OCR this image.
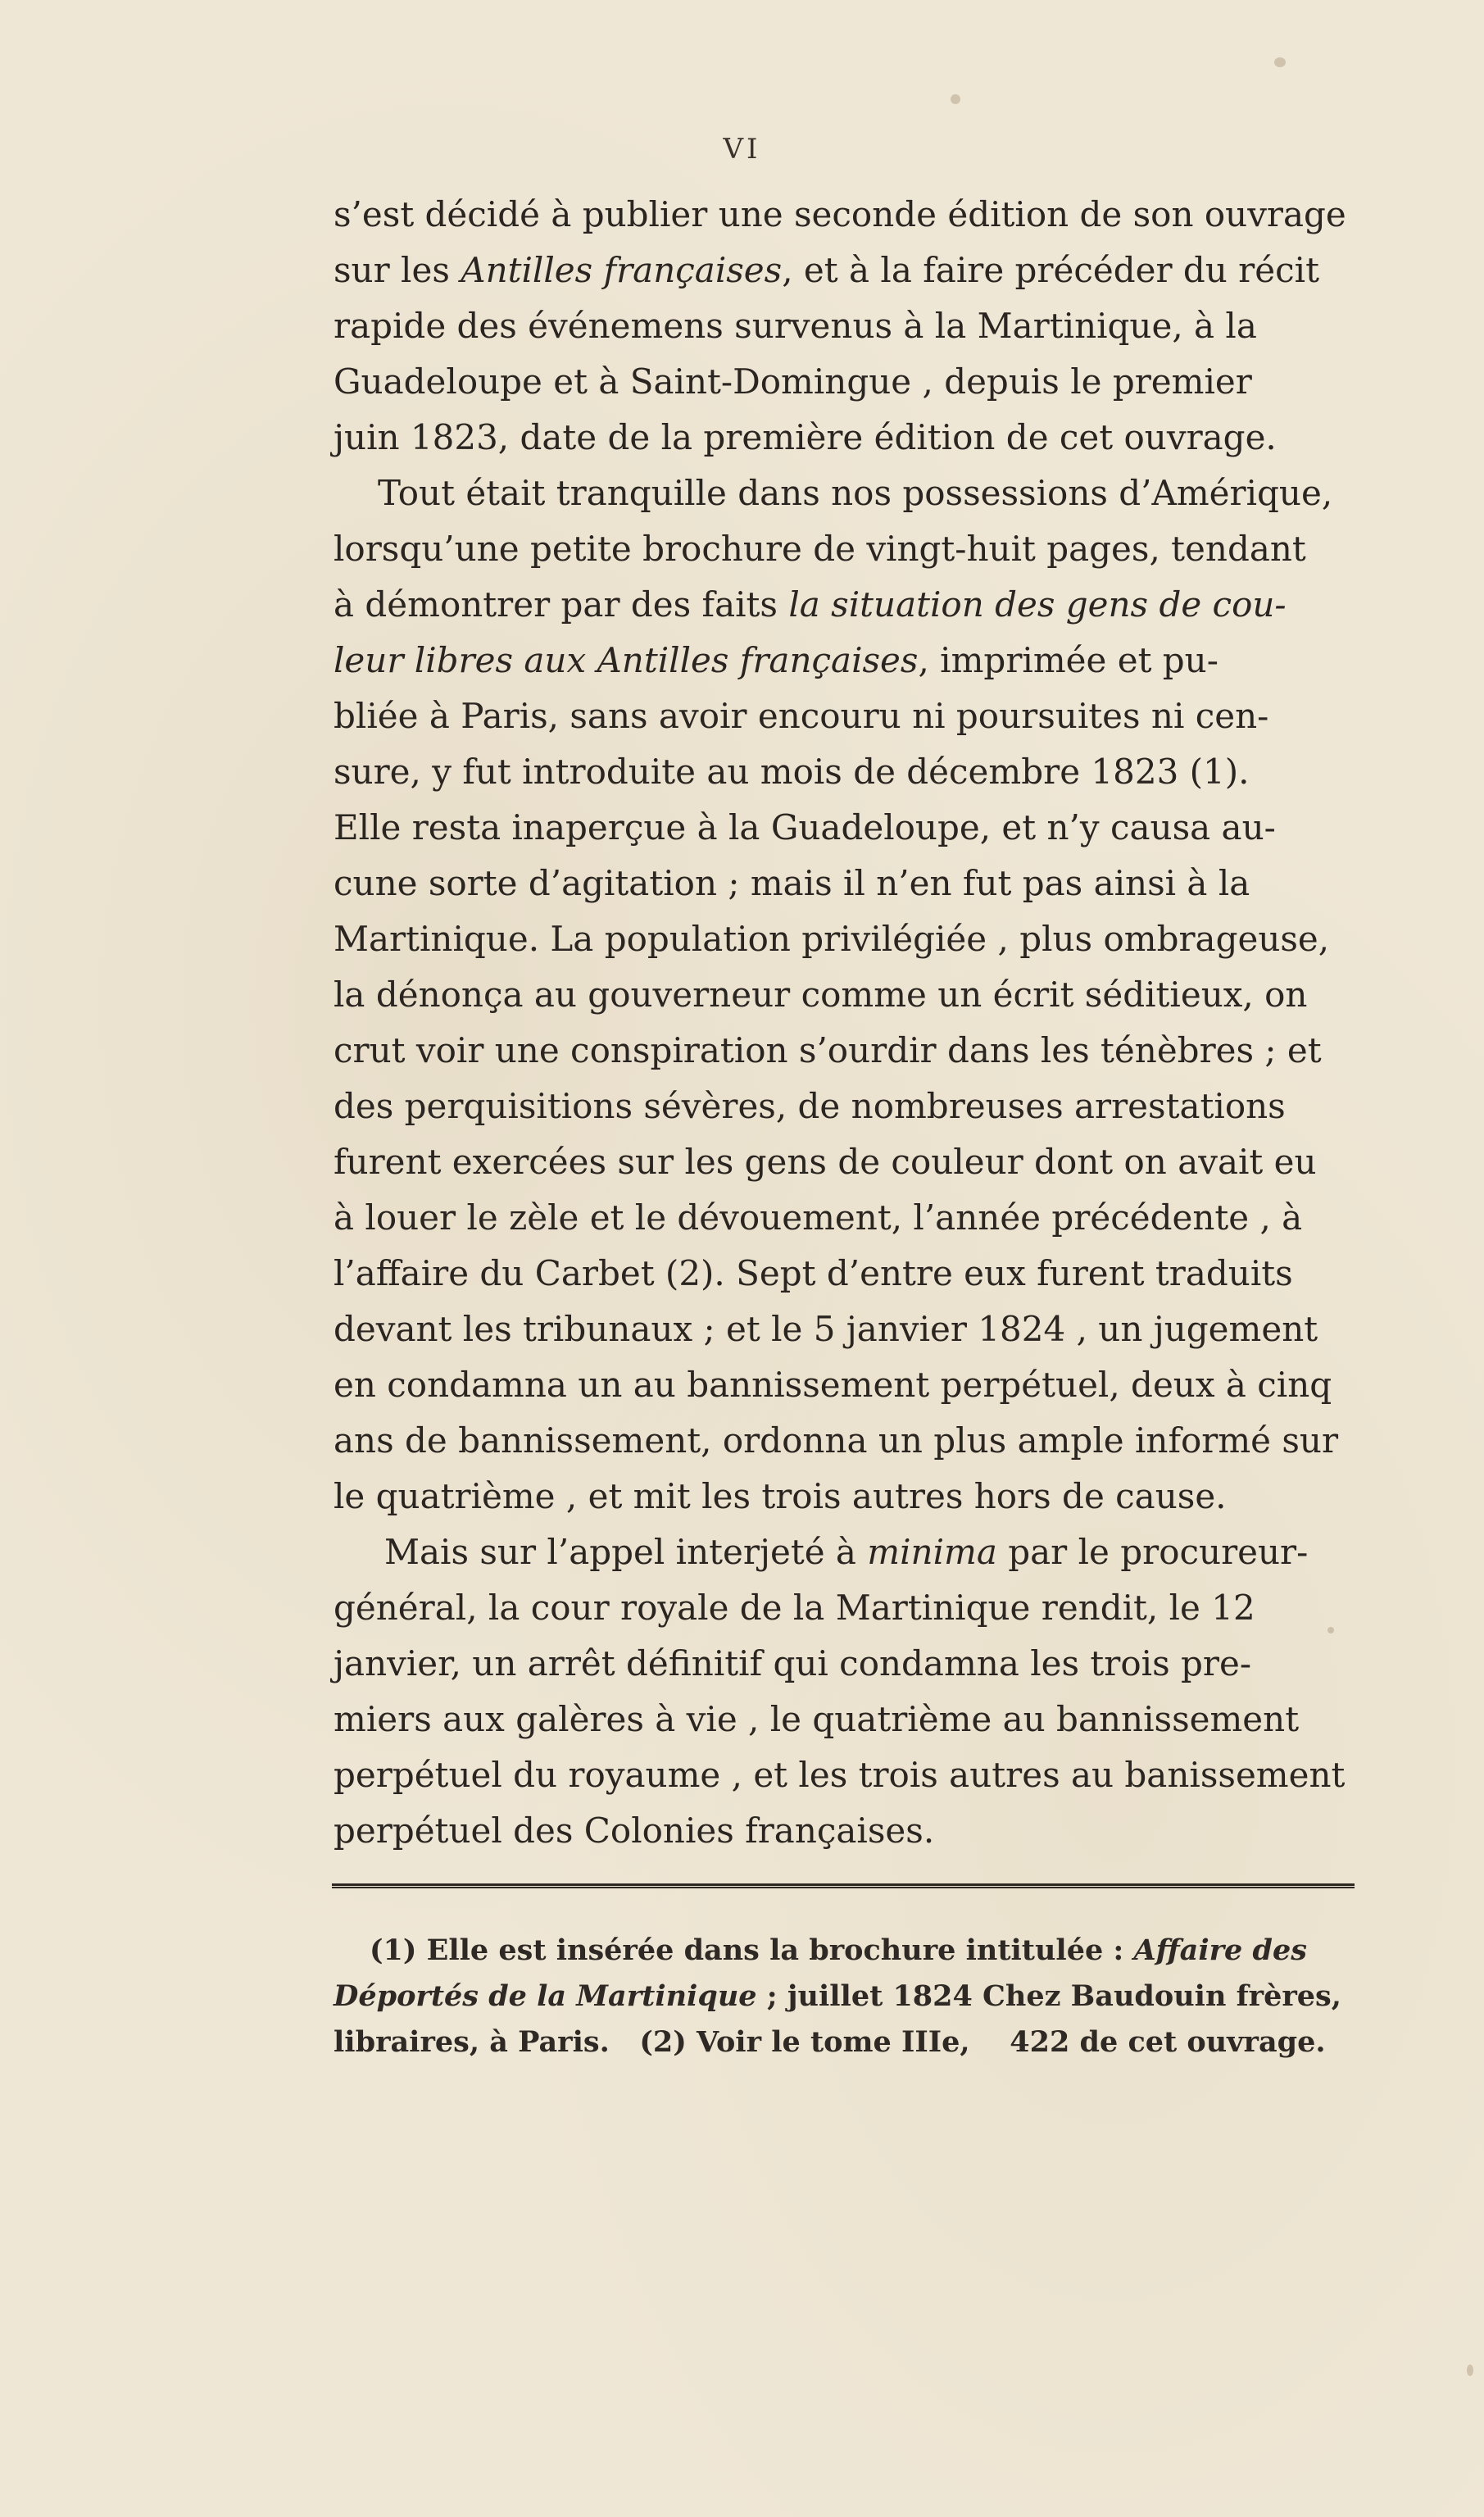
VI
s’est décidé à publier une seconde édition de son ouvrage
sur les Antilles françaises, et à la faire précéder du récit
rapide des événemens survenus à la Martinique, à la
Guadeloupe et à Saint-Domingue , depuis le premier
juin 1823, date de la première édition de cet ouvrage.
Tout était tranquille dans nos possessions d’Amérique,
lorsqu’une petite brochure de vingt-huit pages, tendant
à démontrer par des faits la situation des gens de cou-
leur libres aux Antilles françaises, imprimée et pu-
bliée à Paris, sans avoir encouru ni poursuites ni cen-
sure, y fut introduite au mois de décembre 1823 (1).
Elle resta inaperçue à la Guadeloupe, et n’y causa au-
cune sorte d’agitation ; mais il n’en fut pas ainsi à la
Martinique. La population privilégiée , plus ombrageuse,
la dénonça au gouverneur comme un écrit séditieux, on
crut voir une conspiration s’ourdir dans les ténèbres ; et
des perquisitions sévères, de nombreuses arrestations
furent exercées sur les gens de couleur dont on avait eu
à louer le zèle et le dévouement, l’année précédente , à
l’affaire du Carbet (2). Sept d’entre eux furent traduits
devant les tribunaux ; et le 5 janvier 1824 , un jugement
en condamna un au bannissement perpétuel, deux à cinq
ans de bannissement, ordonna un plus ample informé sur
le quatrième , et mit les trois autres hors de cause.
Mais sur l’appel interjeté à minima par le procureur-
général, la cour royale de la Martinique rendit, le 12
janvier, un arrêt définitif qui condamna les trois pre-
miers aux galères à vie , le quatrième au bannissement
perpétuel du royaume , et les trois autres au banissement
perpétuel des Colonies françaises.
(1) Elle est insérée dans la brochure intitulée : Affaire des
Déportés de la Martinique ; juillet 1824 Chez Baudouin frères,
libraires, à Paris.   (2) Voir le tome IIIe,    422 de cet ouvrage.
